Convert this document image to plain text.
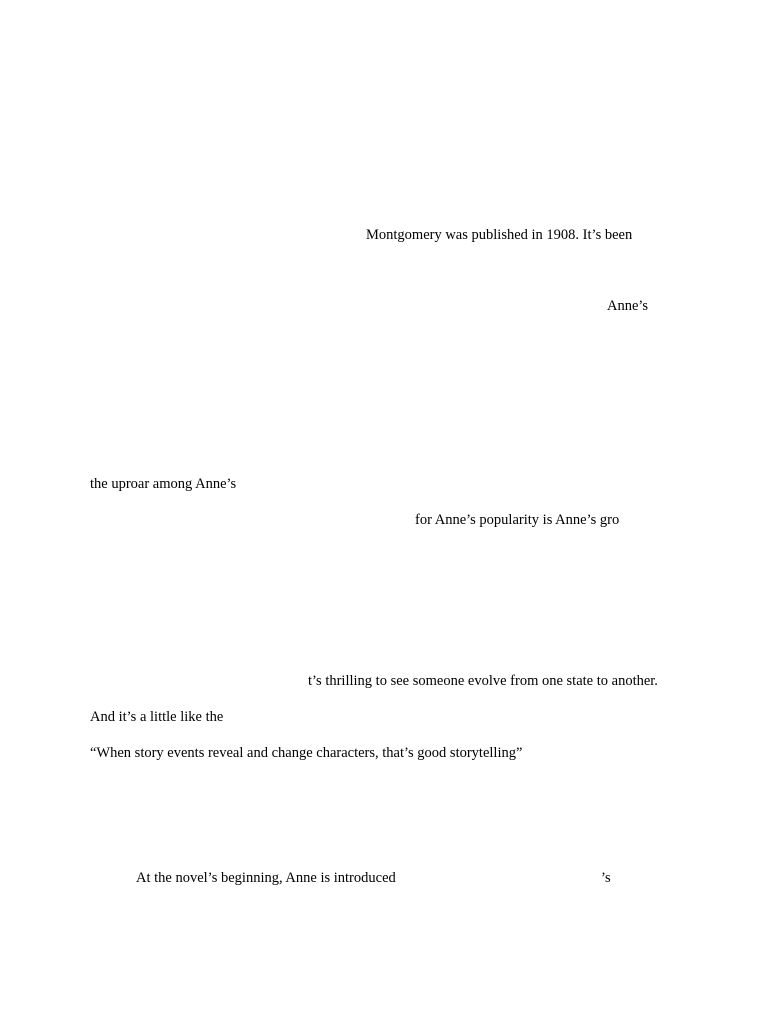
Montgomery was published in 1908. It’s been
Anne’s
the uproar among Anne’s
for Anne’s popularity is Anne’s gro
t’s thrilling to see someone evolve from one state to another.
And it’s a little like the
“When story events reveal and change characters, that’s good storytelling”
At the novel’s beginning, Anne is introduced	’s
